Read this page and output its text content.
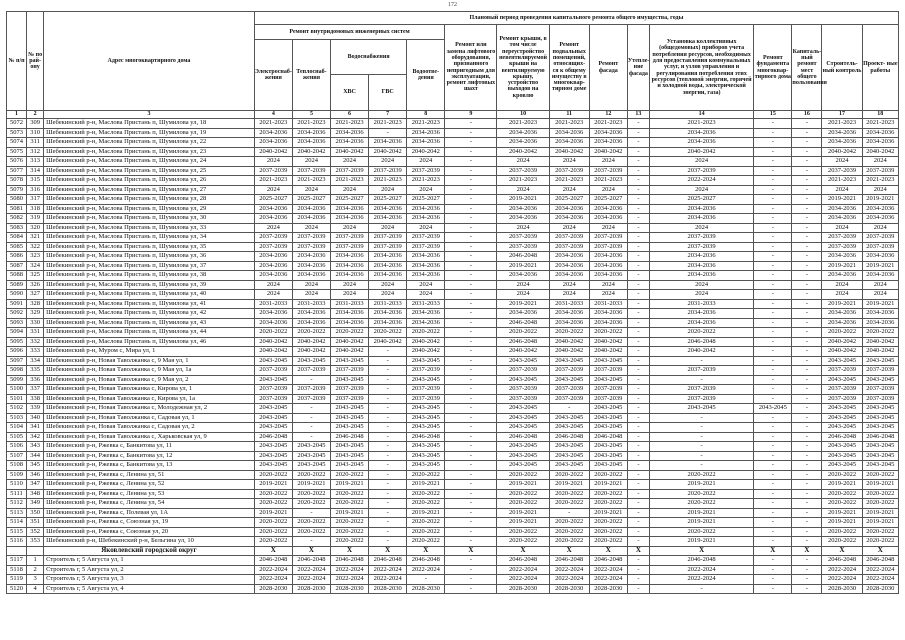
172
№ п/п	№ по рай- ону	Адрес многоквартирного дома	Плановый период проведения капитального ремонта общего имущества, годы														
			Ремонт внутридомовых инженерных систем					Ремонт или замена лифтового оборудования, признанного непригодным для эксплуатации, ремонт лифтовых шахт	Ремонт крыши, в том числе переустройство невентилируемой крыши на вентилируемую крышу, устройство выходов на кровлю	Ремонт подвальных помещений, относящих- ся к общему имуществу в многоквар- тирном доме	Ремонт фасада	Утепле- ние фасада	Установка коллективных (общедомовых) приборов учета потребления ресурсов, необходимых для предоставления коммунальных услуг, и узлов управления и регулирования потребления этих ресурсов (тепловой энергии, горячей и холодной воды, электрической энергии, газа)	Ремонт фундамента многоквар- тирного дома	Капиталь- ный ремонт мест общего пользования	Строитель- ный контроль	Проект- ные работы
			Электроснаб- жения	Теплоснаб- жения	Водоснабжения
ХВС ГВС		Водоотве- дения										
1	2	3	4	5	6	7	8	9	10	11	12	13	14	15	16	17	18
5072	309	Шебекинский р-н, Маслова Пристань п, Шумилова ул, 18	2021-2023	2021-2023	2021-2023	2021-2023	2021-2023	-	2021-2023	2021-2023	2021-2023	-	2021-2023	-	-	2021-2023	2021-2023
5073	310	Шебекинский р-н, Маслова Пристань п, Шумилова ул, 19	2034-2036	2034-2036	2034-2036	-	2034-2036	-	2034-2036	2034-2036	2034-2036	-	2034-2036	-	-	2034-2036	2034-2036
5074	311	Шебекинский р-н, Маслова Пристань п, Шумилова ул, 22	2034-2036	2034-2036	2034-2036	2034-2036	2034-2036	-	2034-2036	2034-2036	2034-2036	-	2034-2036	-	-	2034-2036	2034-2036
5075	312	Шебекинский р-н, Маслова Пристань п, Шумилова ул, 23	2040-2042	2040-2042	2040-2042	2040-2042	2040-2042	-	2040-2042	2040-2042	2040-2042	-	2040-2042	-	-	2040-2042	2040-2042
5076	313	Шебекинский р-н, Маслова Пристань п, Шумилова ул, 24	2024	2024	2024	2024	2024	-	2024	2024	2024	-	2024	-	-	2024	2024
5077	314	Шебекинский р-н, Маслова Пристань п, Шумилова ул, 25	2037-2039	2037-2039	2037-2039	2037-2039	2037-2039	-	2037-2039	2037-2039	2037-2039	-	2037-2039	-	-	2037-2039	2037-2039
5078	315	Шебекинский р-н, Маслова Пристань п, Шумилова ул, 26	2021-2023	2021-2023	2021-2023	2021-2023	2021-2023	-	2021-2023	2021-2023	2021-2023	-	2022-2024	-	-	2021-2023	2021-2023
5079	316	Шебекинский р-н, Маслова Пристань п, Шумилова ул, 27	2024	2024	2024	2024	2024	-	2024	2024	2024	-	2024	-	-	2024	2024
5080	317	Шебекинский р-н, Маслова Пристань п, Шумилова ул, 28	2025-2027	2025-2027	2025-2027	2025-2027	2025-2027	-	2019-2021	2025-2027	2025-2027	-	2025-2027	-	-	2019-2021	2019-2021
5081	318	Шебекинский р-н, Маслова Пристань п, Шумилова ул, 29	2034-2036	2034-2036	2034-2036	2034-2036	2034-2036	-	2034-2036	2034-2036	2034-2036	-	2034-2036	-	-	2034-2036	2034-2036
5082	319	Шебекинский р-н, Маслова Пристань п, Шумилова ул, 30	2034-2036	2034-2036	2034-2036	2034-2036	2034-2036	-	2034-2036	2034-2036	2034-2036	-	2034-2036	-	-	2034-2036	2034-2036
5083	320	Шебекинский р-н, Маслова Пристань п, Шумилова ул, 33	2024	2024	2024	2024	2024	-	2024	2024	2024	-	2024	-	-	2024	2024
5084	321	Шебекинский р-н, Маслова Пристань п, Шумилова ул, 34	2037-2039	2037-2039	2037-2039	2037-2039	2037-2039	-	2037-2039	2037-2039	2037-2039	-	2037-2039	-	-	2037-2039	2037-2039
5085	322	Шебекинский р-н, Маслова Пристань п, Шумилова ул, 35	2037-2039	2037-2039	2037-2039	2037-2039	2037-2039	-	2037-2039	2037-2039	2037-2039	-	2037-2039	-	-	2037-2039	2037-2039
5086	323	Шебекинский р-н, Маслова Пристань п, Шумилова ул, 36	2034-2036	2034-2036	2034-2036	2034-2036	2034-2036	-	2046-2048	2034-2036	2034-2036	-	2034-2036	-	-	2034-2036	2034-2036
5087	324	Шебекинский р-н, Маслова Пристань п, Шумилова ул, 37	2034-2036	2034-2036	2034-2036	2034-2036	2034-2036	-	2019-2021	2034-2036	2034-2036	-	2034-2036	-	-	2019-2021	2019-2021
5088	325	Шебекинский р-н, Маслова Пристань п, Шумилова ул, 38	2034-2036	2034-2036	2034-2036	2034-2036	2034-2036	-	2034-2036	2034-2036	2034-2036	-	2034-2036	-	-	2034-2036	2034-2036
5089	326	Шебекинский р-н, Маслова Пристань п, Шумилова ул, 39	2024	2024	2024	2024	2024	-	2024	2024	2024	-	2024	-	-	2024	2024
5090	327	Шебекинский р-н, Маслова Пристань п, Шумилова ул, 40	2024	2024	2024	2024	2024	-	2024	2024	2024	-	2024	-	-	2024	2024
5091	328	Шебекинский р-н, Маслова Пристань п, Шумилова ул, 41	2031-2033	2031-2033	2031-2033	2031-2033	2031-2033	-	2019-2021	2031-2033	2031-2033	-	2031-2033	-	-	2019-2021	2019-2021
5092	329	Шебекинский р-н, Маслова Пристань п, Шумилова ул, 42	2034-2036	2034-2036	2034-2036	2034-2036	2034-2036	-	2034-2036	2034-2036	2034-2036	-	2034-2036	-	-	2034-2036	2034-2036
5093	330	Шебекинский р-н, Маслова Пристань п, Шумилова ул, 43	2034-2036	2034-2036	2034-2036	2034-2036	2034-2036	-	2046-2048	2034-2036	2034-2036	-	2034-2036	-	-	2034-2036	2034-2036
5094	331	Шебекинский р-н, Маслова Пристань п, Шумилова ул, 44	2020-2022	2020-2022	2020-2022	2020-2022	2020-2022	-	2020-2022	2020-2022	2020-2022	-	2020-2022	-	-	2020-2022	2020-2022
5095	332	Шебекинский р-н, Маслова Пристань п, Шумилова ул, 46	2040-2042	2040-2042	2040-2042	2040-2042	2040-2042	-	2046-2048	2040-2042	2040-2042	-	2046-2048	-	-	2040-2042	2040-2042
5096	333	Шебекинский р-н, Муром с, Мира ул, 1	2040-2042	2040-2042	2040-2042	-	2040-2042	-	2040-2042	2040-2042	2040-2042	-	2040-2042	-	-	2040-2042	2040-2042
5097	334	Шебекинский р-н, Новая Таволжанка с, 9 Мая ул, 1	2043-2045	2043-2045	2043-2045	-	2043-2045	-	2043-2045	2043-2045	2043-2045	-	-	-	-	2043-2045	2043-2045
5098	335	Шебекинский р-н, Новая Таволжанка с, 9 Мая ул, 1а	2037-2039	2037-2039	2037-2039	-	2037-2039	-	2037-2039	2037-2039	2037-2039	-	2037-2039	-	-	2037-2039	2037-2039
5099	336	Шебекинский р-н, Новая Таволжанка с, 9 Мая ул, 2	2043-2045	-	2043-2045	-	2043-2045	-	2043-2045	2043-2045	2043-2045	-	-	-	-	2043-2045	2043-2045
5100	337	Шебекинский р-н, Новая Таволжанка с, Кирова ул, 1	2037-2039	2037-2039	2037-2039	-	2037-2039	-	2037-2039	2037-2039	2037-2039	-	2037-2039	-	-	2037-2039	2037-2039
5101	338	Шебекинский р-н, Новая Таволжанка с, Кирова ул, 1а	2037-2039	2037-2039	2037-2039	-	2037-2039	-	2037-2039	2037-2039	2037-2039	-	2037-2039	-	-	2037-2039	2037-2039
5102	339	Шебекинский р-н, Новая Таволжанка с, Молодежная ул, 2	2043-2045	-	2043-2045	-	2043-2045	-	2043-2045	-	2043-2045	-	2043-2045	2043-2045	-	2043-2045	2043-2045
5103	340	Шебекинский р-н, Новая Таволжанка с, Садовая ул, 1	2043-2045	-	2043-2045	-	2043-2045	-	2043-2045	2043-2045	2043-2045	-	-	-	-	2043-2045	2043-2045
5104	341	Шебекинский р-н, Новая Таволжанка с, Садовая ул, 2	2043-2045	-	2043-2045	-	2043-2045	-	2043-2045	2043-2045	2043-2045	-	-	-	-	2043-2045	2043-2045
5105	342	Шебекинский р-н, Новая Таволжанка с, Харьковская ул, 9	2046-2048	-	2046-2048	-	2046-2048	-	2046-2048	2046-2048	2046-2048	-	-	-	-	2046-2048	2046-2048
5106	343	Шебекинский р-н, Ржевка с, Банкитова ул, 11	2043-2045	2043-2045	2043-2045	-	2043-2045	-	2043-2045	2043-2045	2043-2045	-	-	-	-	2043-2045	2043-2045
5107	344	Шебекинский р-н, Ржевка с, Банкитова ул, 12	2043-2045	2043-2045	2043-2045	-	2043-2045	-	2043-2045	2043-2045	2043-2045	-	-	-	-	2043-2045	2043-2045
5108	345	Шебекинский р-н, Ржевка с, Банкитова ул, 13	2043-2045	2043-2045	2043-2045	-	2043-2045	-	2043-2045	2043-2045	2043-2045	-	-	-	-	2043-2045	2043-2045
5109	346	Шебекинский р-н, Ржевка с, Ленина ул, 51	2020-2022	2020-2022	2020-2022	-	2020-2022	-	2020-2022	2020-2022	2020-2022	-	2020-2022	-	-	2020-2022	2020-2022
5110	347	Шебекинский р-н, Ржевка с, Ленина ул, 52	2019-2021	2019-2021	2019-2021	-	2019-2021	-	2019-2021	2019-2021	2019-2021	-	2019-2021	-	-	2019-2021	2019-2021
5111	348	Шебекинский р-н, Ржевка с, Ленина ул, 53	2020-2022	2020-2022	2020-2022	-	2020-2022	-	2020-2022	2020-2022	2020-2022	-	2020-2022	-	-	2020-2022	2020-2022
5112	349	Шебекинский р-н, Ржевка с, Ленина ул, 54	2020-2022	2020-2022	2020-2022	-	2020-2022	-	2020-2022	2020-2022	2020-2022	-	2020-2022	-	-	2020-2022	2020-2022
5113	350	Шебекинский р-н, Ржевка с, Полевая ул, 1А	2019-2021	-	2019-2021	-	2019-2021	-	2019-2021	-	2019-2021	-	2019-2021	-	-	2019-2021	2019-2021
5114	351	Шебекинский р-н, Ржевка с, Союзная ул, 19	2020-2022	2020-2022	2020-2022	-	2020-2022	-	2019-2021	2020-2022	2020-2022	-	2019-2021	-	-	2019-2021	2019-2021
5115	352	Шебекинский р-н, Ржевка с, Союзная ул, 20	2020-2022	2020-2022	2020-2022	-	2020-2022	-	2020-2022	2020-2022	2020-2022	-	2020-2022	-	-	2020-2022	2020-2022
5116	353	Шебекинский р-н, Шебекинский р-н, Бельгина ул, 10	2020-2022	-	2020-2022	-	2020-2022	-	2020-2022	2020-2022	2020-2022	-	2019-2021	-	-	2020-2022	2020-2022
		Яковлевский городской округ	X	X	X	X	X	X	X	X	X	X	X	X	X	X	X
5117	1	Строитель г, 5 Августа ул, 1	2046-2048	2046-2048	2046-2048	2046-2048	2046-2048	-	2046-2048	2046-2048	2046-2048	-	2046-2048	-	-	2046-2048	2046-2048
5118	2	Строитель г, 5 Августа ул, 2	2022-2024	2022-2024	2022-2024	2022-2024	2022-2024	-	2022-2024	2022-2024	2022-2024	-	2022-2024	-	-	2022-2024	2022-2024
5119	3	Строитель г, 5 Августа ул, 3	2022-2024	2022-2024	2022-2024	2022-2024	-	-	2022-2024	2022-2024	2022-2024	-	2022-2024	-	-	2022-2024	2022-2024
5120	4	Строитель г, 5 Августа ул, 4	2028-2030	2028-2030	2028-2030	2028-2030	2028-2030	-	2028-2030	2028-2030	2028-2030	-	-	-	-	2028-2030	2028-2030
